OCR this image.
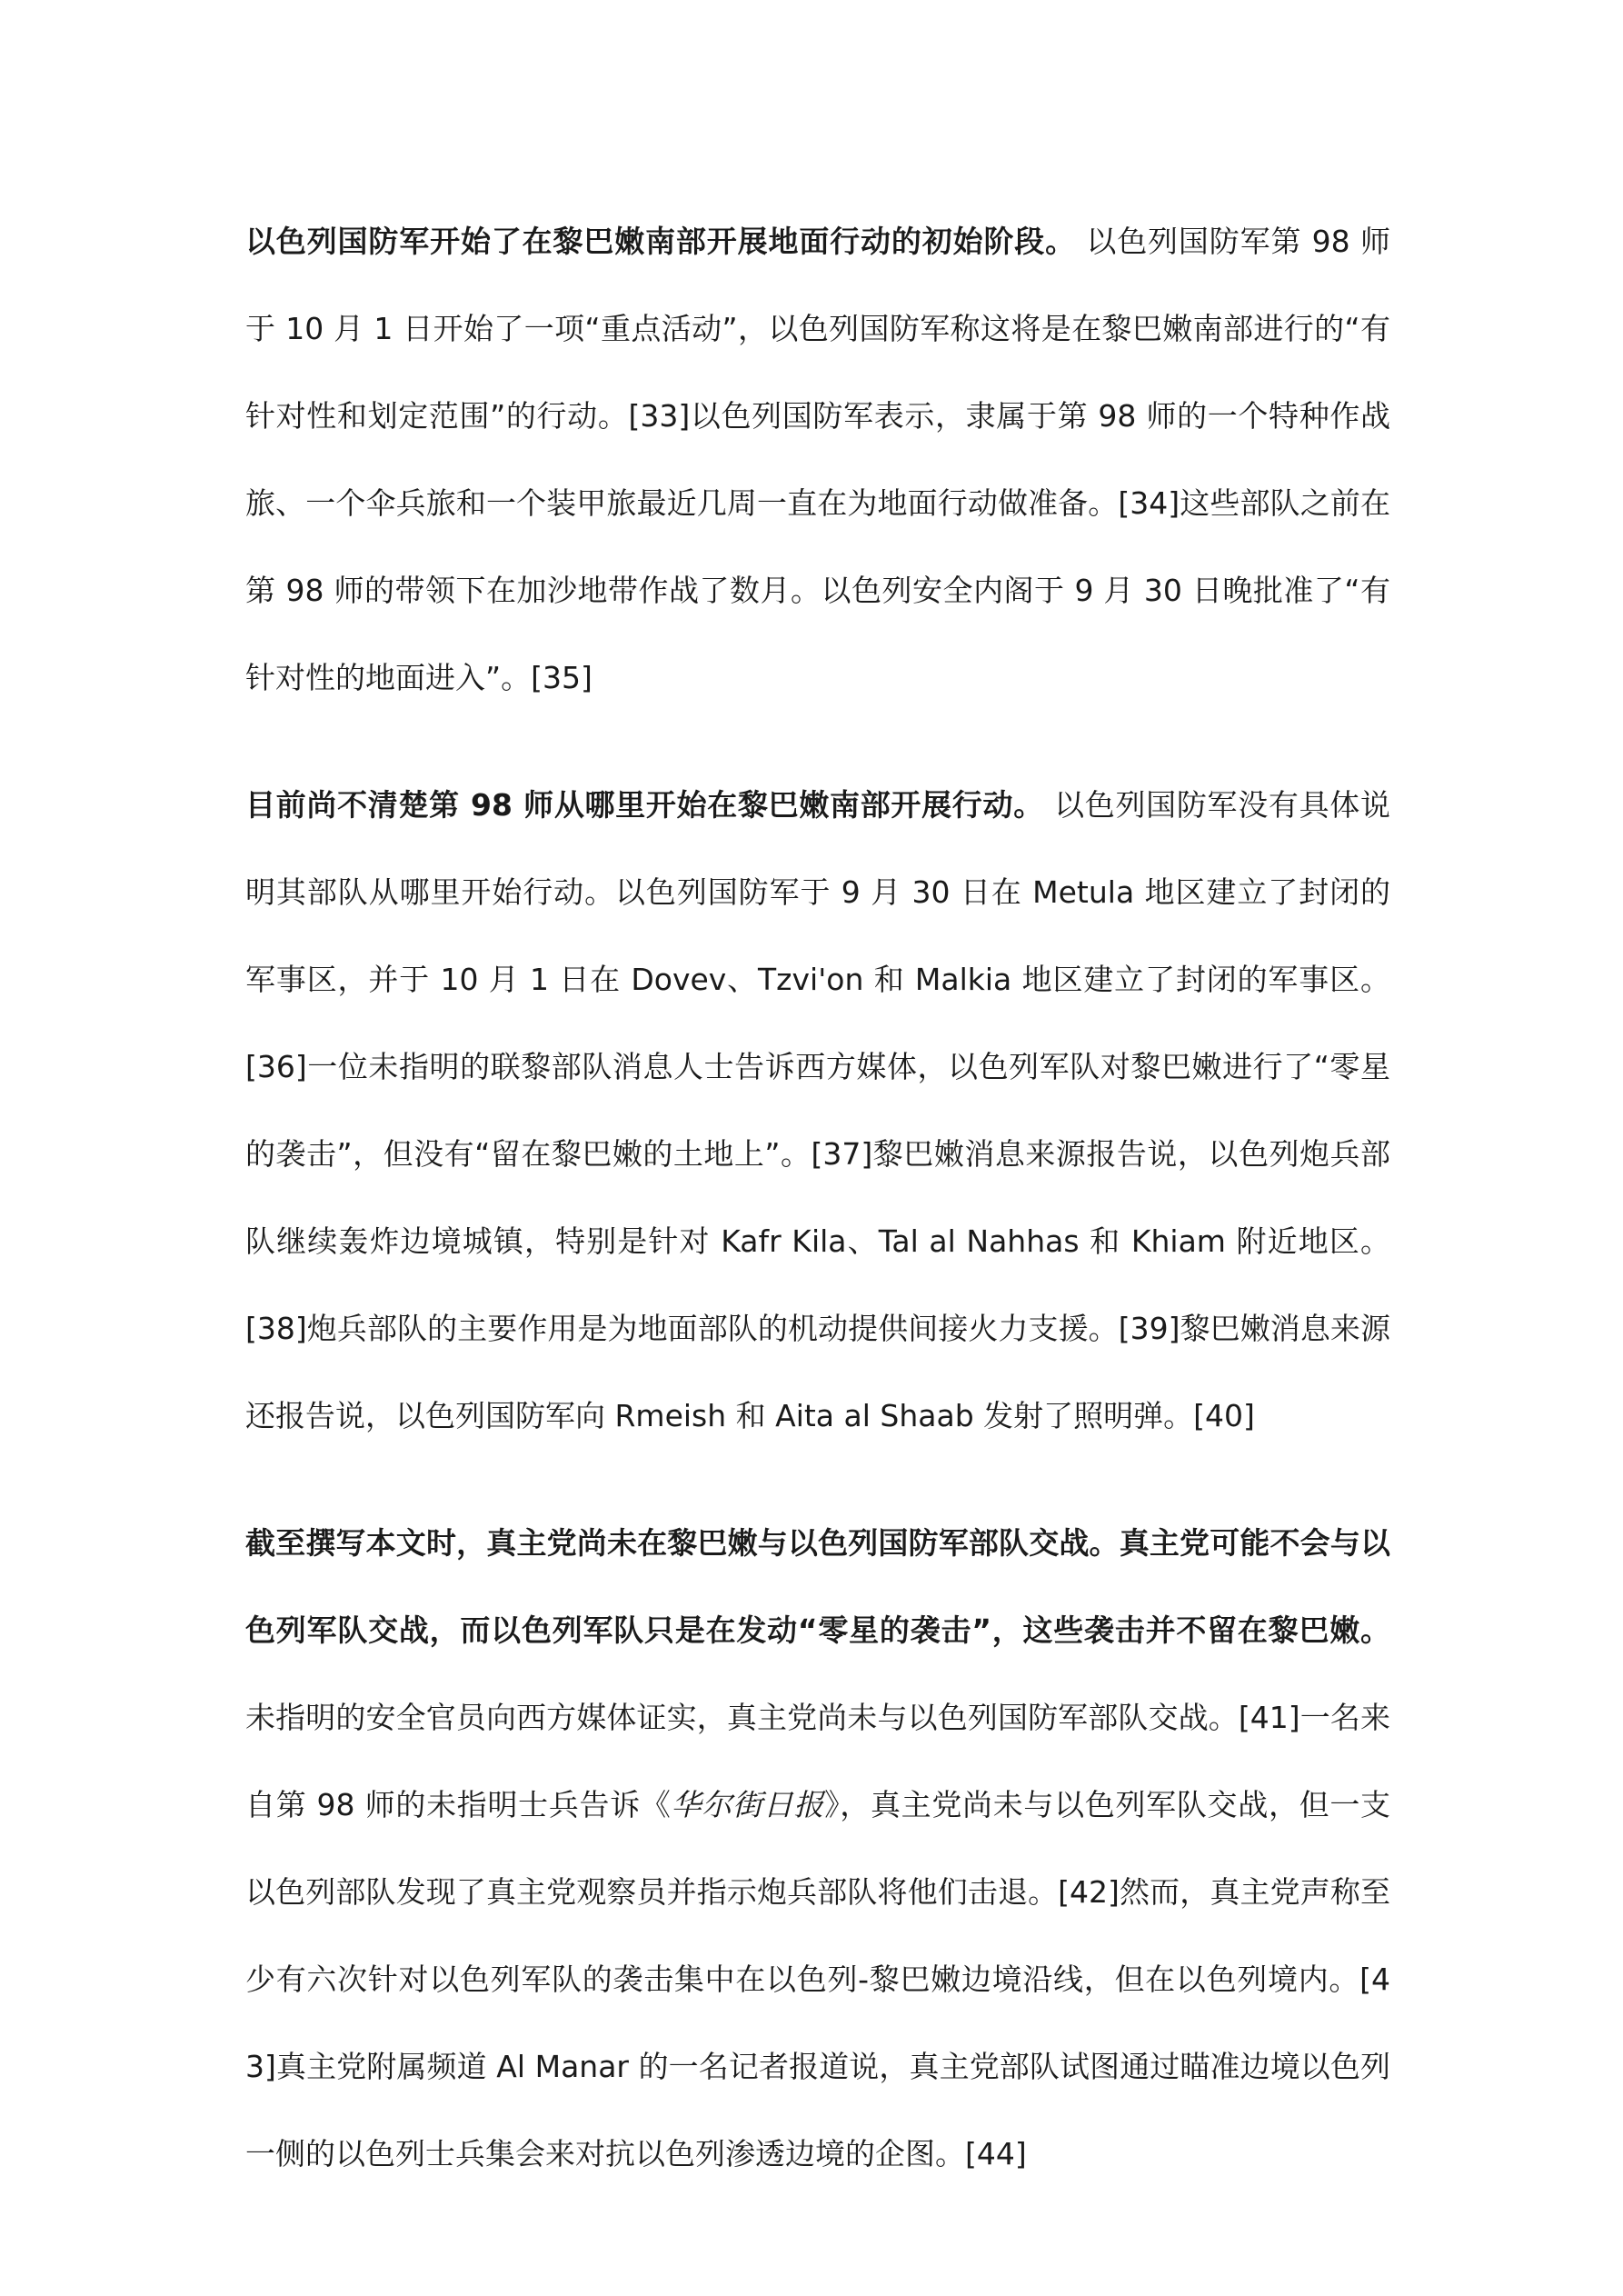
以色列国防军开始了在黎巴嫩南部开展地面行动的初始阶段。 以色列国防军第 98 师于 10 月 1 日开始了一项“重点活动”，以色列国防军称这将是在黎巴嫩南部进行的“有针对性和划定范围”的行动。[33]以色列国防军表示，隶属于第 98 师的一个特种作战旅、一个伞兵旅和一个装甲旅最近几周一直在为地面行动做准备。[34]这些部队之前在第 98 师的带领下在加沙地带作战了数月。以色列安全内阁于 9 月 30 日晚批准了“有针对性的地面进入”。[35]

目前尚不清楚第 98 师从哪里开始在黎巴嫩南部开展行动。 以色列国防军没有具体说明其部队从哪里开始行动。以色列国防军于 9 月 30 日在 Metula 地区建立了封闭的军事区，并于 10 月 1 日在 Dovev、Tzvi'on 和 Malkia 地区建立了封闭的军事区。[36]一位未指明的联黎部队消息人士告诉西方媒体，以色列军队对黎巴嫩进行了“零星的袭击”，但没有“留在黎巴嫩的土地上”。[37]黎巴嫩消息来源报告说，以色列炮兵部队继续轰炸边境城镇，特别是针对 Kafr Kila、Tal al Nahhas 和 Khiam 附近地区。[38]炮兵部队的主要作用是为地面部队的机动提供间接火力支援。[39]黎巴嫩消息来源还报告说，以色列国防军向 Rmeish 和 Aita al Shaab 发射了照明弹。[40]

截至撰写本文时，真主党尚未在黎巴嫩与以色列国防军部队交战。真主党可能不会与以色列军队交战，而以色列军队只是在发动“零星的袭击”，这些袭击并不留在黎巴嫩。未指明的安全官员向西方媒体证实，真主党尚未与以色列国防军部队交战。[41]一名来自第 98 师的未指明士兵告诉《华尔街日报》，真主党尚未与以色列军队交战，但一支以色列部队发现了真主党观察员并指示炮兵部队将他们击退。[42]然而，真主党声称至少有六次针对以色列军队的袭击集中在以色列-黎巴嫩边境沿线，但在以色列境内。[43]真主党附属频道 Al Manar 的一名记者报道说，真主党部队试图通过瞄准边境以色列一侧的以色列士兵集会来对抗以色列渗透边境的企图。[44]
